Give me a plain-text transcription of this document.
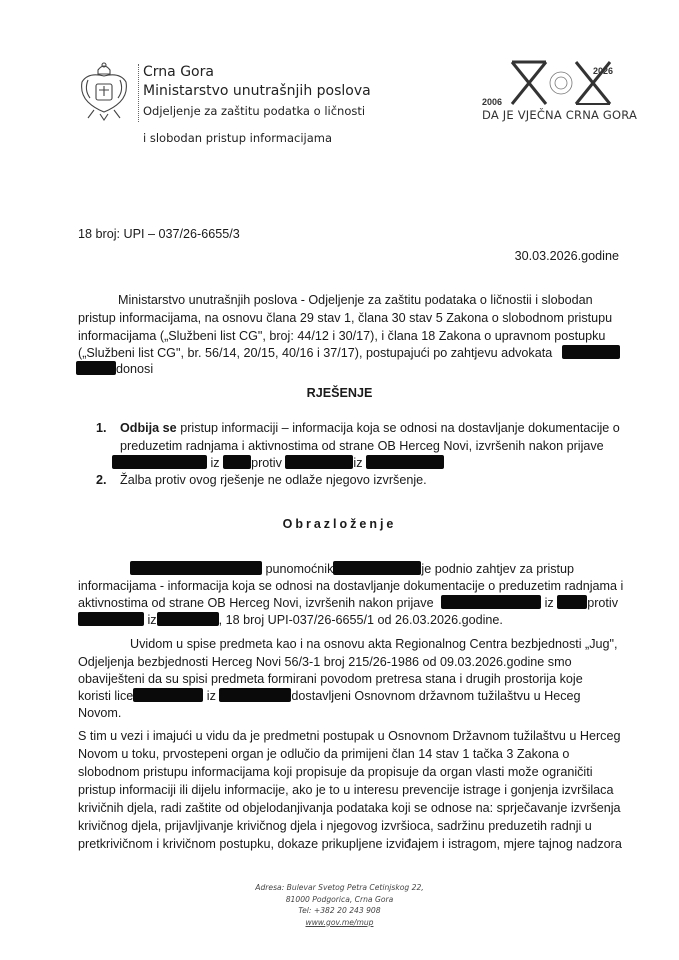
Crna Gora
Ministarstvo unutrašnjih poslova
Odjeljenje za zaštitu podatka o ličnosti
i slobodan pristup informacijama
2026
2006
DA JE VJEČNA CRNA GORA
18 broj: UPI – 037/26-6655/3
30.03.2026.godine
Ministarstvo unutrašnjih poslova - Odjeljenje za zaštitu podataka o ličnostii i slobodan
pristup informacijama, na osnovu člana 29 stav 1, člana 30 stav 5 Zakona o slobodnom pristupu
informacijama („Službeni list CG", broj: 44/12 i 30/17), i člana 18 Zakona o upravnom postupku
(„Službeni list CG", br. 56/14, 20/15, 40/16 i 37/17), postupajući po zahtjevu advokata
donosi
RJEŠENJE
1. Odbija se pristup informaciji – informacija koja se odnosi na dostavljanje dokumentacije o
preduzetim radnjama i aktivnostima od strane OB Herceg Novi, izvršenih nakon prijave
iz	protiv	iz
2. Žalba protiv ovog rješenje ne odlaže njegovo izvršenje.
Obrazloženje
punomoćnik	je podnio zahtjev za pristup
informacijama - informacija koja se odnosi na dostavljanje dokumentacije o preduzetim radnjama i
aktivnostima od strane OB Herceg Novi, izvršenih nakon prijave	iz	protiv
iz	, 18 broj UPI-037/26-6655/1 od 26.03.2026.godine.
Uvidom u spise predmeta kao i na osnovu akta Regionalnog Centra bezbjednosti „Jug",
Odjeljenja bezbjednosti Herceg Novi 56/3-1 broj 215/26-1986 od 09.03.2026.godine smo
obaviješteni da su spisi predmeta formirani povodom pretresa stana i drugih prostorija koje
koristi lice	iz	dostavljeni Osnovnom državnom tužilaštvu u Heceg
Novom.
S tim u vezi i imajući u vidu da je predmetni postupak u Osnovnom Državnom tužilaštvu u Herceg
Novom u toku, prvostepeni organ je odlučio da primijeni član 14 stav 1 tačka 3 Zakona o
slobodnom pristupu informacijama koji propisuje da propisuje da organ vlasti može ograničiti
pristup informaciji ili dijelu informacije, ako je to u interesu prevencije istrage i gonjenja izvršilaca
krivičnih djela, radi zaštite od objelodanjivanja podataka koji se odnose na: sprječavanje izvršenja
krivičnog djela, prijavljivanje krivičnog djela i njegovog izvršioca, sadržinu preduzetih radnji u
pretkrivičnom i krivičnom postupku, dokaze prikupljene izviđajem i istragom, mjere tajnog nadzora
Adresa: Bulevar Svetog Petra Cetinjskog 22,
81000 Podgorica, Crna Gora
Tel: +382 20 243 908
www.gov.me/mup
